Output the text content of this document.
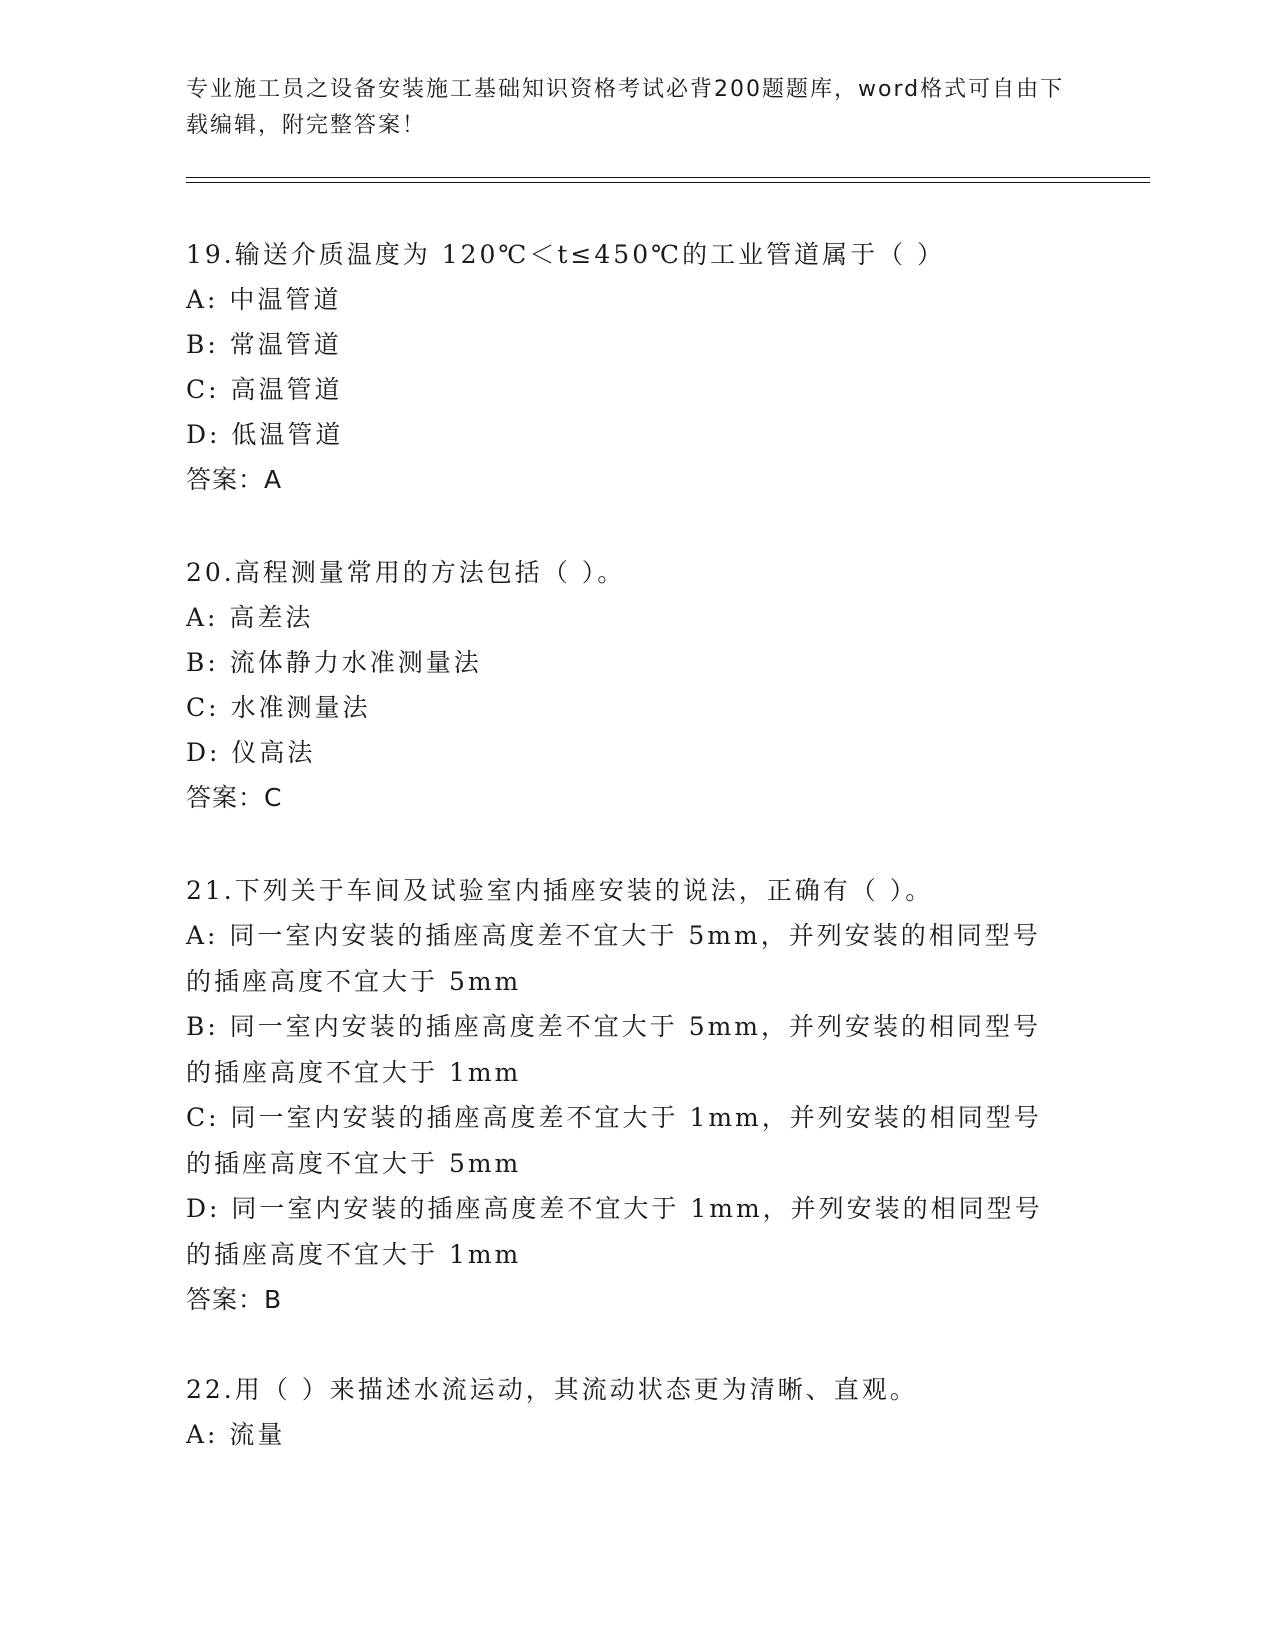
专业施工员之设备安装施工基础知识资格考试必背200题题库，word格式可自由下载编辑，附完整答案！
19.输送介质温度为 120℃＜t≤450℃的工业管道属于（ ）
A: 中温管道
B: 常温管道
C: 高温管道
D: 低温管道
答案：A
20.高程测量常用的方法包括（ ）。
A: 高差法
B: 流体静力水准测量法
C: 水准测量法
D: 仪高法
答案：C
21.下列关于车间及试验室内插座安装的说法，正确有（ ）。
A: 同一室内安装的插座高度差不宜大于 5mm，并列安装的相同型号的插座高度不宜大于 5mm
B: 同一室内安装的插座高度差不宜大于 5mm，并列安装的相同型号的插座高度不宜大于 1mm
C: 同一室内安装的插座高度差不宜大于 1mm，并列安装的相同型号的插座高度不宜大于 5mm
D: 同一室内安装的插座高度差不宜大于 1mm，并列安装的相同型号的插座高度不宜大于 1mm
答案：B
22.用（ ）来描述水流运动，其流动状态更为清晰、直观。
A: 流量
